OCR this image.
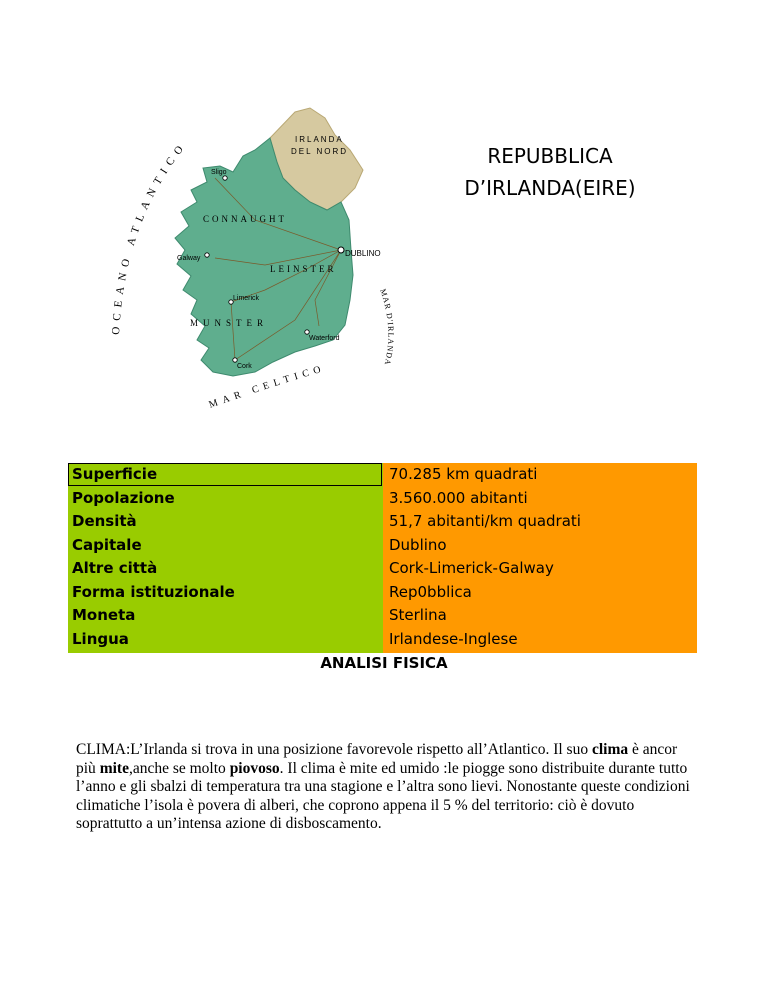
OCEANO ATLANTICO
MAR CELTICO
MAR D'IRLANDA
CONNAUGHT
LEINSTER
MUNSTER
IRLANDA
DEL NORD
Sligo
Galway
DUBLINO
Limerick
Waterford
Cork
REPUBBLICA
D’IRLANDA(EIRE)
Superficie	70.285 km quadrati
Popolazione	3.560.000 abitanti
Densità	51,7 abitanti/km quadrati
Capitale	Dublino
Altre città	Cork-Limerick-Galway
Forma istituzionale	Rep0bblica
Moneta	Sterlina
Lingua	Irlandese-Inglese
ANALISI FISICA
CLIMA:L’Irlanda si trova in una posizione favorevole rispetto all’Atlantico. Il suo clima è ancor più mite,anche se molto piovoso. Il clima è mite ed umido :le piogge sono distribuite durante tutto l’anno e gli sbalzi di temperatura tra una stagione e l’altra sono lievi. Nonostante queste condizioni climatiche l’isola è povera di alberi, che coprono appena il 5 % del territorio: ciò è dovuto soprattutto a un’intensa azione di disboscamento.
